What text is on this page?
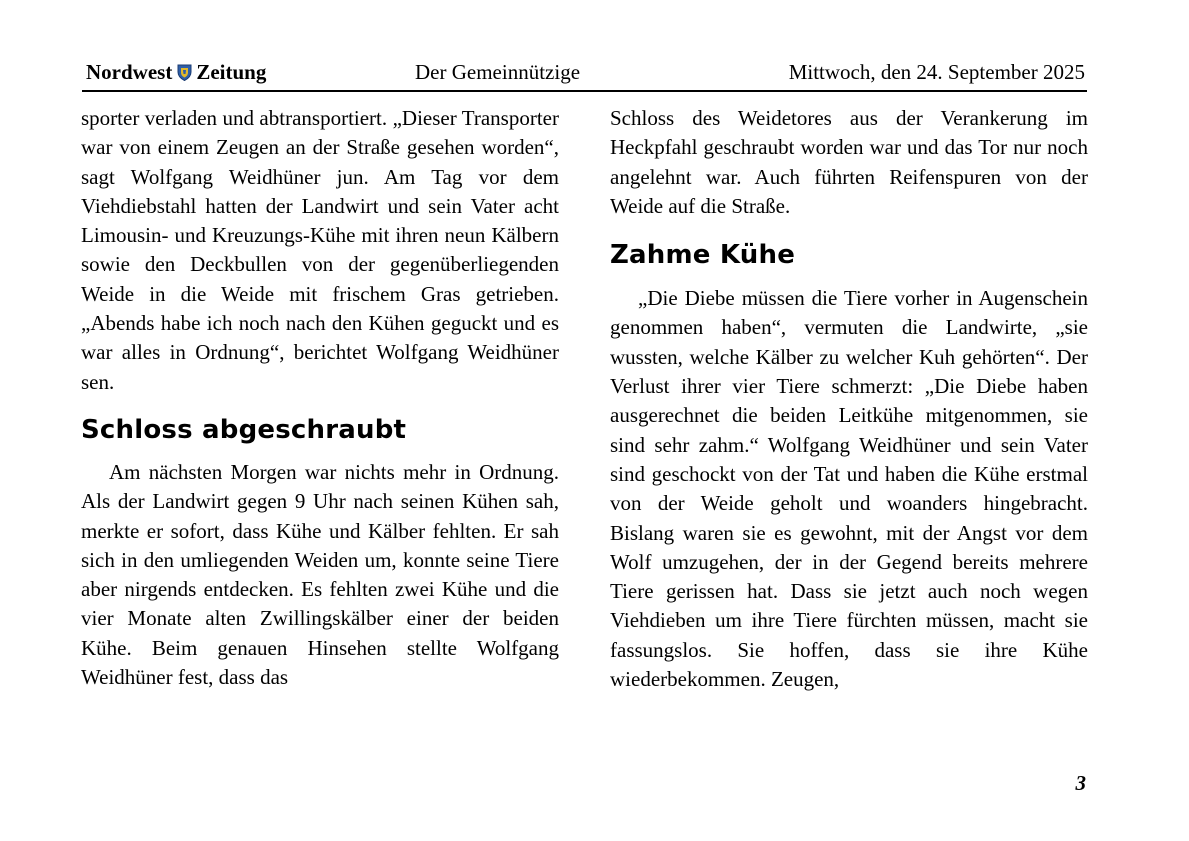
Nordwest Zeitung	Der Gemeinnützige	Mittwoch, den 24. September 2025

sporter verladen und abtransportiert. „Dieser Transporter war von einem Zeugen an der Straße gesehen worden“, sagt Wolfgang Weidhüner jun. Am Tag vor dem Viehdiebstahl hatten der Landwirt und sein Vater acht Limousin- und Kreuzungs-Kühe mit ihren neun Kälbern sowie den Deckbullen von der gegenüberliegenden Weide in die Weide mit frischem Gras getrieben. „Abends habe ich noch nach den Kühen geguckt und es war alles in Ordnung“, berichtet Wolfgang Weidhüner sen.

Schloss abgeschraubt

Am nächsten Morgen war nichts mehr in Ordnung. Als der Landwirt gegen 9 Uhr nach seinen Kühen sah, merkte er sofort, dass Kühe und Kälber fehlten. Er sah sich in den umliegenden Weiden um, konnte seine Tiere aber nirgends entdecken. Es fehlten zwei Kühe und die vier Monate alten Zwillingskälber einer der beiden Kühe. Beim genauen Hinsehen stellte Wolfgang Weidhüner fest, dass das

Schloss des Weidetores aus der Verankerung im Heckpfahl geschraubt worden war und das Tor nur noch angelehnt war. Auch führten Reifenspuren von der Weide auf die Straße.

Zahme Kühe

„Die Diebe müssen die Tiere vorher in Augenschein genommen haben“, vermuten die Landwirte, „sie wussten, welche Kälber zu welcher Kuh gehörten“. Der Verlust ihrer vier Tiere schmerzt: „Die Diebe haben ausgerechnet die beiden Leitkühe mitgenommen, sie sind sehr zahm.“ Wolfgang Weidhüner und sein Vater sind geschockt von der Tat und haben die Kühe erstmal von der Weide geholt und woanders hingebracht. Bislang waren sie es gewohnt, mit der Angst vor dem Wolf umzugehen, der in der Gegend bereits mehrere Tiere gerissen hat. Dass sie jetzt auch noch wegen Viehdieben um ihre Tiere fürchten müssen, macht sie fassungslos. Sie hoffen, dass sie ihre Kühe wiederbekommen. Zeugen,

3
